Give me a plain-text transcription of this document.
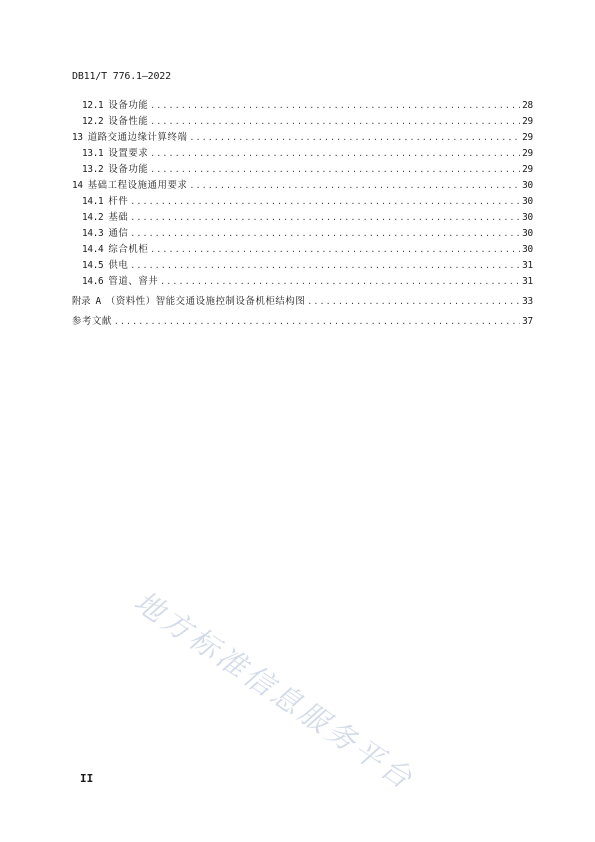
DB11/T 776.1—2022
12.1 设备功能 .....	28
12.2 设备性能 .....	29
13 道路交通边缘计算终端 .....	29
13.1 设置要求 .....	29
13.2 设备功能 .....	29
14 基础工程设施通用要求 .....	30
14.1 杆件 .....	30
14.2 基础 .....	30
14.3 通信 .....	30
14.4 综合机柜 .....	30
14.5 供电 .....	31
14.6 管道、窨井 .....	31
附录 A （资料性）智能交通设施控制设备机柜结构图 .....	33
参考文献 .....	37
地方标准信息服务平台
II
